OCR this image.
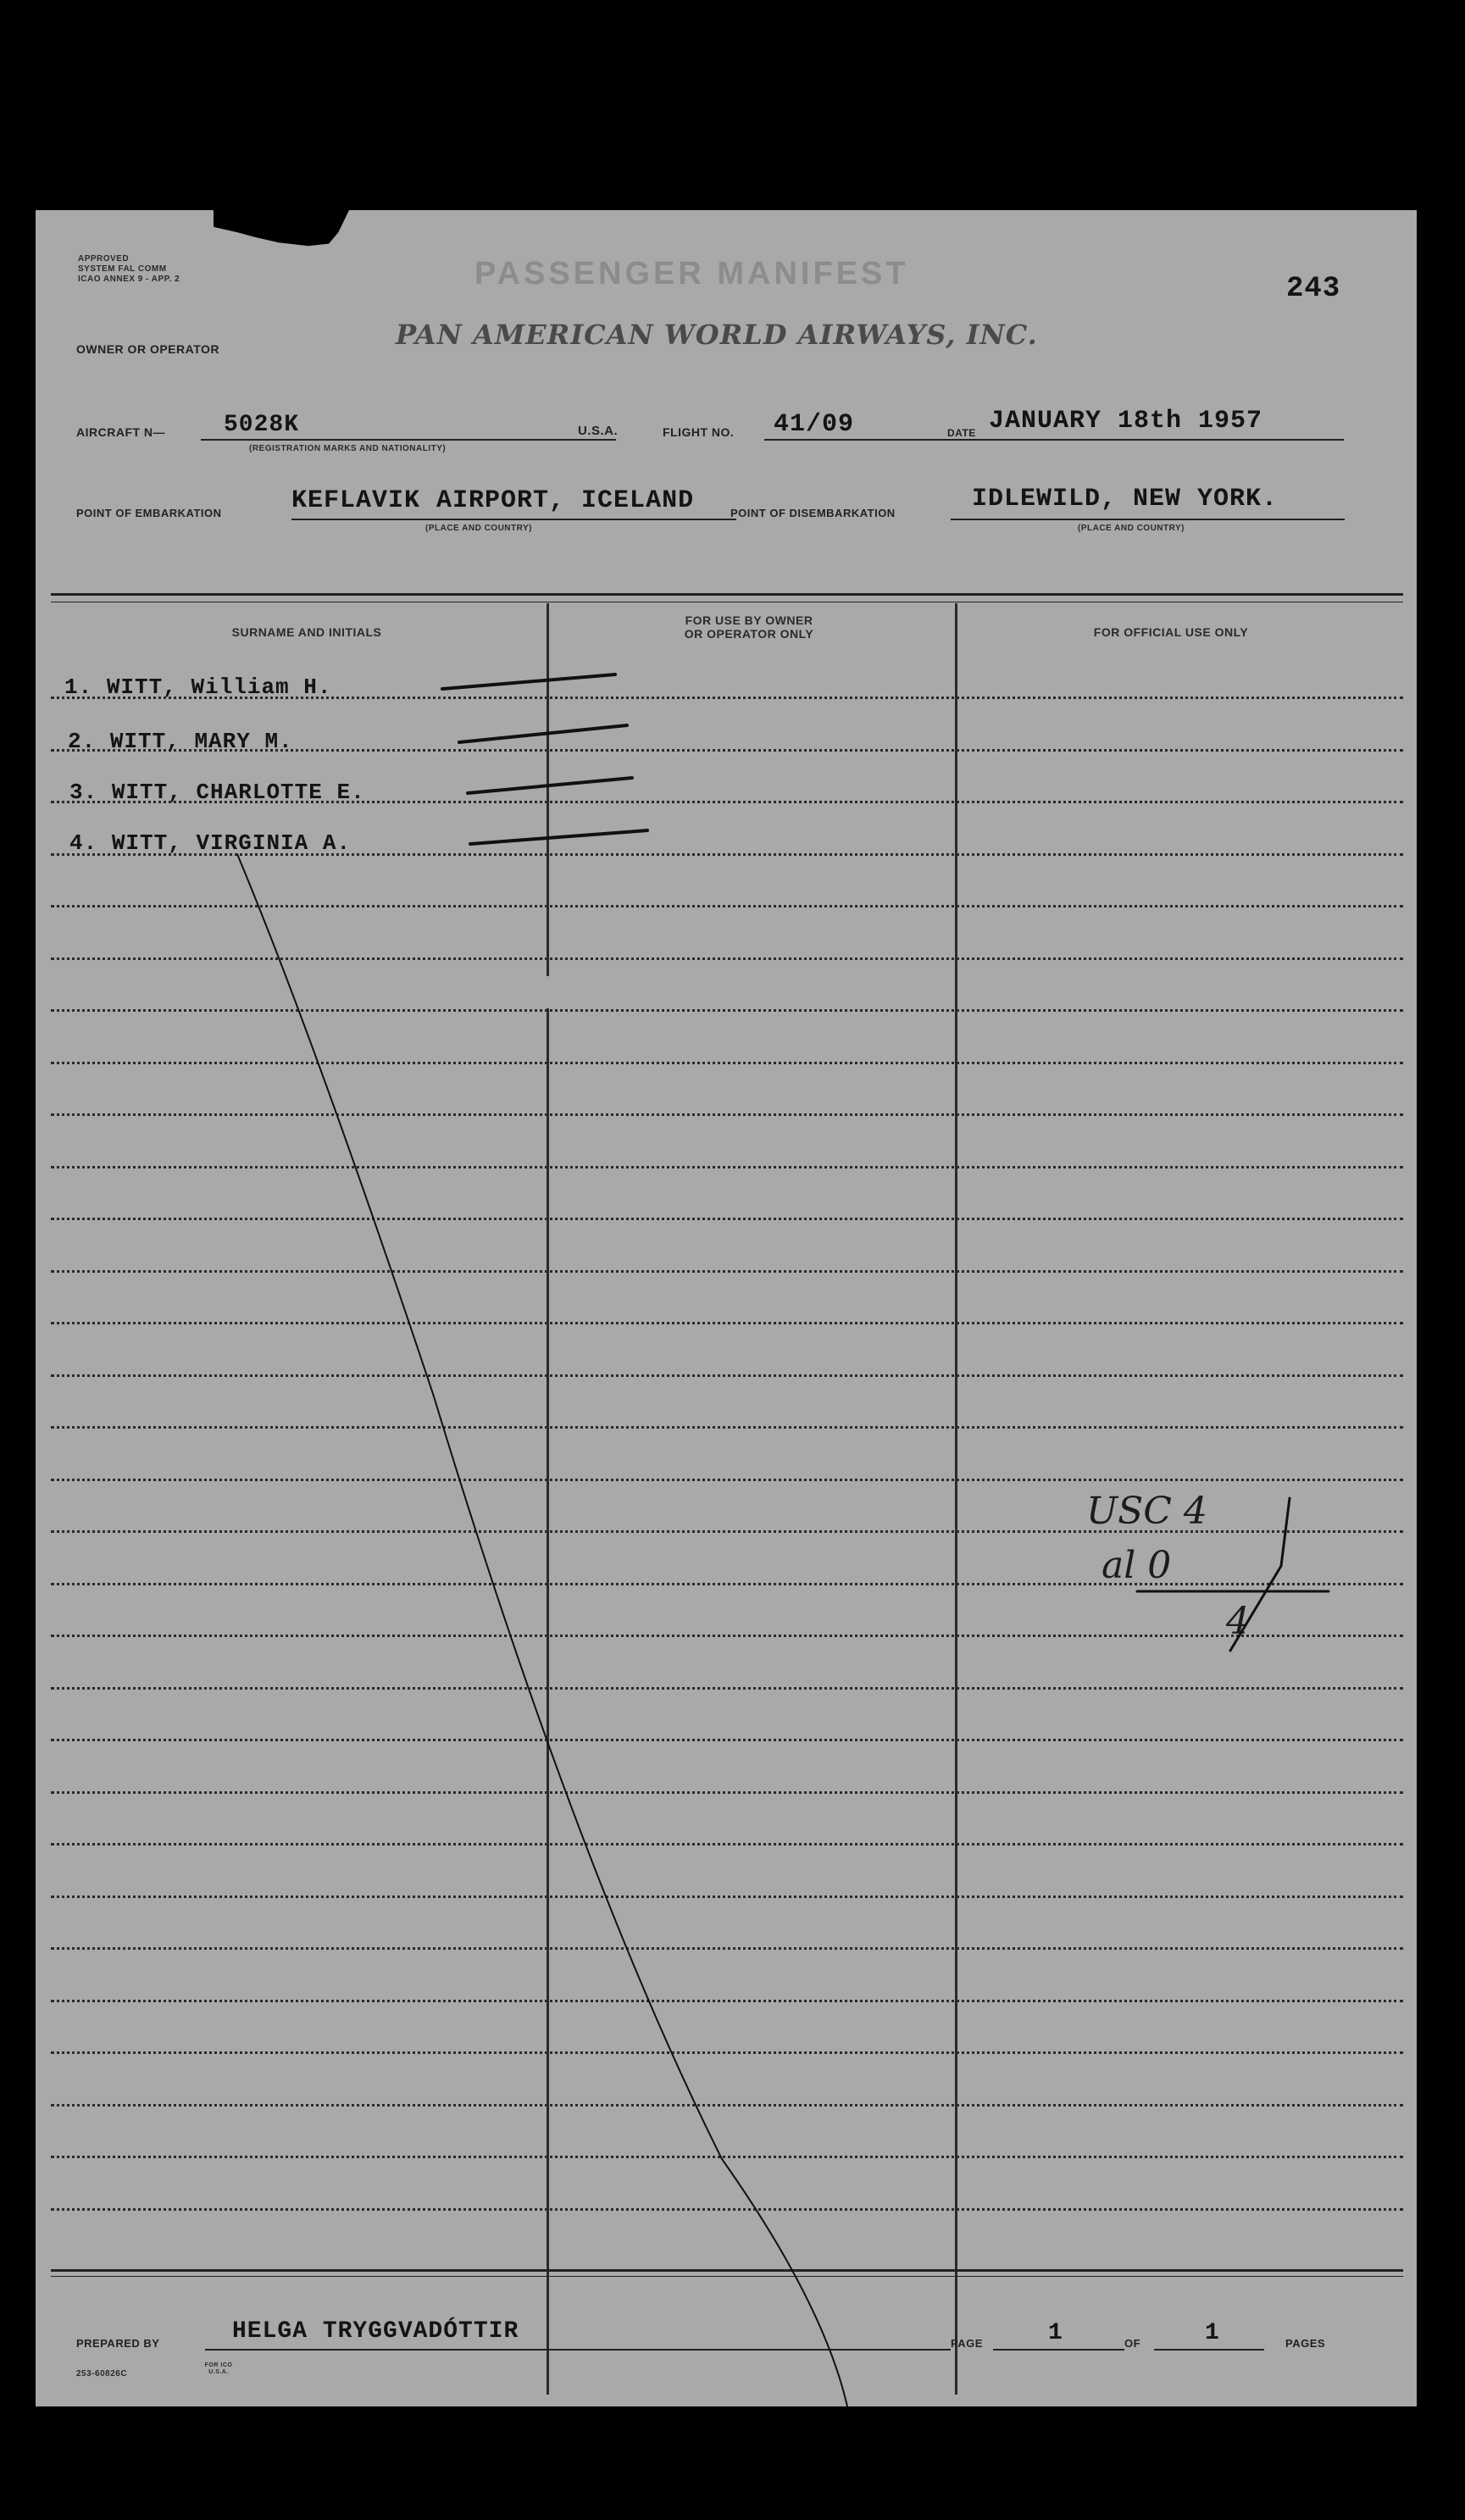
APPROVED
SYSTEM FAL COMM
ICAO ANNEX 9 - APP. 2	PASSENGER MANIFEST	243
OWNER OR OPERATOR	PAN AMERICAN WORLD AIRWAYS, INC.
AIRCRAFT N— 5028K
(REGISTRATION MARKS AND NATIONALITY)
U.S.A.	FLIGHT NO. 41/09	DATE JANUARY 18th 1957
POINT OF EMBARKATION	KEFLAVIK AIRPORT, ICELAND
(PLACE AND COUNTRY)
POINT OF DISEMBARKATION	IDLEWILD, NEW YORK.
(PLACE AND COUNTRY)
SURNAME AND INITIALS
FOR USE BY OWNER
OR OPERATOR ONLY	FOR OFFICIAL USE ONLY
1. WITT, William H.
2. WITT, MARY M.
3. WITT, CHARLOTTE E.
4. WITT, VIRGINIA A.
USC 4
al 0
4
PREPARED BY	HELGA TRYGGVADÓTTIR	PAGE	1	OF	1	PAGES
253-60826C
FOR ICO U.S.A.
